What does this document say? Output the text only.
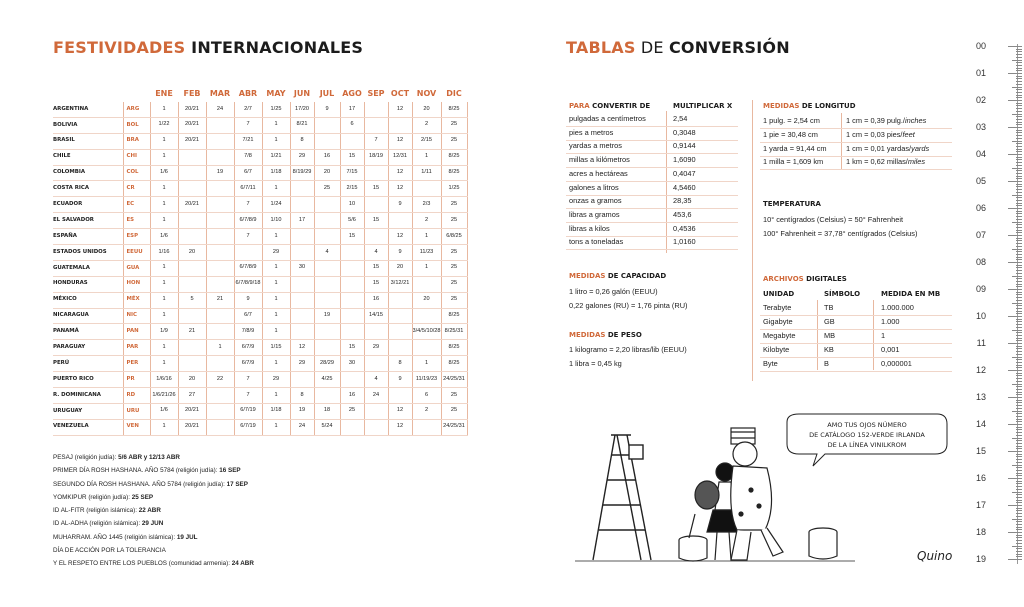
FESTIVIDADES INTERNACIONALES
		ENE	FEB	MAR	ABR	MAY	JUN	JUL	AGO	SEP	OCT	NOV	DIC
ARGENTINA	ARG	1	20/21	24	2/7	1/25	17/20	9	17		12	20	8/25
BOLIVIA	BOL	1/22	20/21		7	1	8/21		6			2	25
BRASIL	BRA	1	20/21		7/21	1	8			7	12	2/15	25
CHILE	CHI	1			7/8	1/21	29	16	15	18/19	12/31	1	8/25
COLOMBIA	COL	1/6		19	6/7	1/18	8/19/29	20	7/15		12	1/11	8/25
COSTA RICA	CR	1			6/7/11	1		25	2/15	15	12		1/25
ECUADOR	EC	1	20/21		7	1/24			10		9	2/3	25
EL SALVADOR	ES	1			6/7/8/9	1/10	17		5/6	15		2	25
ESPAÑA	ESP	1/6			7	1			15		12	1	6/8/25
ESTADOS UNIDOS	EEUU	1/16	20			29		4		4	9	11/23	25
GUATEMALA	GUA	1			6/7/8/9	1	30			15	20	1	25
HONDURAS	HON	1			6/7/8/9/18	1				15	3/12/21		25
MÉXICO	MÉX	1	5	21	9	1				16		20	25
NICARAGUA	NIC	1			6/7	1		19		14/15			8/25
PANAMÁ	PAN	1/9	21		7/8/9	1						3/4/5/10/28	8/25/31
PARAGUAY	PAR	1		1	6/7/9	1/15	12		15	29			8/25
PERÚ	PER	1			6/7/9	1	29	28/29	30		8	1	8/25
PUERTO RICO	PR	1/6/16	20	22	7	29		4/25		4	9	11/19/23	24/25/31
R. DOMINICANA	RD	1/6/21/26	27		7	1	8		16	24		6	25
URUGUAY	URU	1/6	20/21		6/7/19	1/18	19	18	25		12	2	25
VENEZUELA	VEN	1	20/21		6/7/19	1	24	5/24			12		24/25/31
PESAJ (religión judía): 5/6 ABR y 12/13 ABR
PRIMER DÍA ROSH HASHANA. AÑO 5784 (religión judía): 16 SEP
SEGUNDO DÍA ROSH HASHANA. AÑO 5784 (religión judía): 17 SEP
YOMKIPUR (religión judía): 25 SEP
ID AL-FITR (religión islámica): 22 ABR
ID AL-ADHA (religión islámica): 29 JUN
MUHARRAM. AÑO 1445 (religión islámica): 19 JUL
DÍA DE ACCIÓN POR LA TOLERANCIA
Y EL RESPETO ENTRE LOS PUEBLOS (comunidad armenia): 24 ABR
TABLAS DE CONVERSIÓN
PARA CONVERTIR DE	MULTIPLICAR X
pulgadas a centímetros	2,54
pies a metros	0,3048
yardas a metros	0,9144
millas a kilómetros	1,6090
acres a hectáreas	0,4047
galones a litros	4,5460
onzas a gramos	28,35
libras a gramos	453,6
libras a kilos	0,4536
tons a toneladas	1,0160
MEDIDAS DE CAPACIDAD
1 litro = 0,26 galón (EEUU)
0,22 galones (RU) = 1,76 pinta (RU)
MEDIDAS DE PESO
1 kilogramo = 2,20 libras/lib (EEUU)
1 libra = 0,45 kg
MEDIDAS DE LONGITUD
1 pulg. = 2,54 cm	1 cm = 0,39 pulg./inches
1 pie = 30,48 cm	1 cm = 0,03 pies/feet
1 yarda = 91,44 cm	1 cm = 0,01 yardas/yards
1 milla = 1,609 km	1 km = 0,62 millas/miles
TEMPERATURA
10° centígrados (Celsius) = 50° Fahrenheit
100° Fahrenheit = 37,78° centígrados (Celsius)
ARCHIVOS DIGITALES
UNIDAD	SÍMBOLO	MEDIDA EN MB
Terabyte	TB	1.000.000
Gigabyte	GB	1.000
Megabyte	MB	1
Kilobyte	KB	0,001
Byte	B	0,000001
AMO TUS OJOS NÚMERO
DE CATÁLOGO 152-VERDE IRLANDA
DE LA LÍNEA VINILKROM
Quino
00
01
02
03
04
05
06
07
08
09
10
11
12
13
14
15
16
17
18
19
